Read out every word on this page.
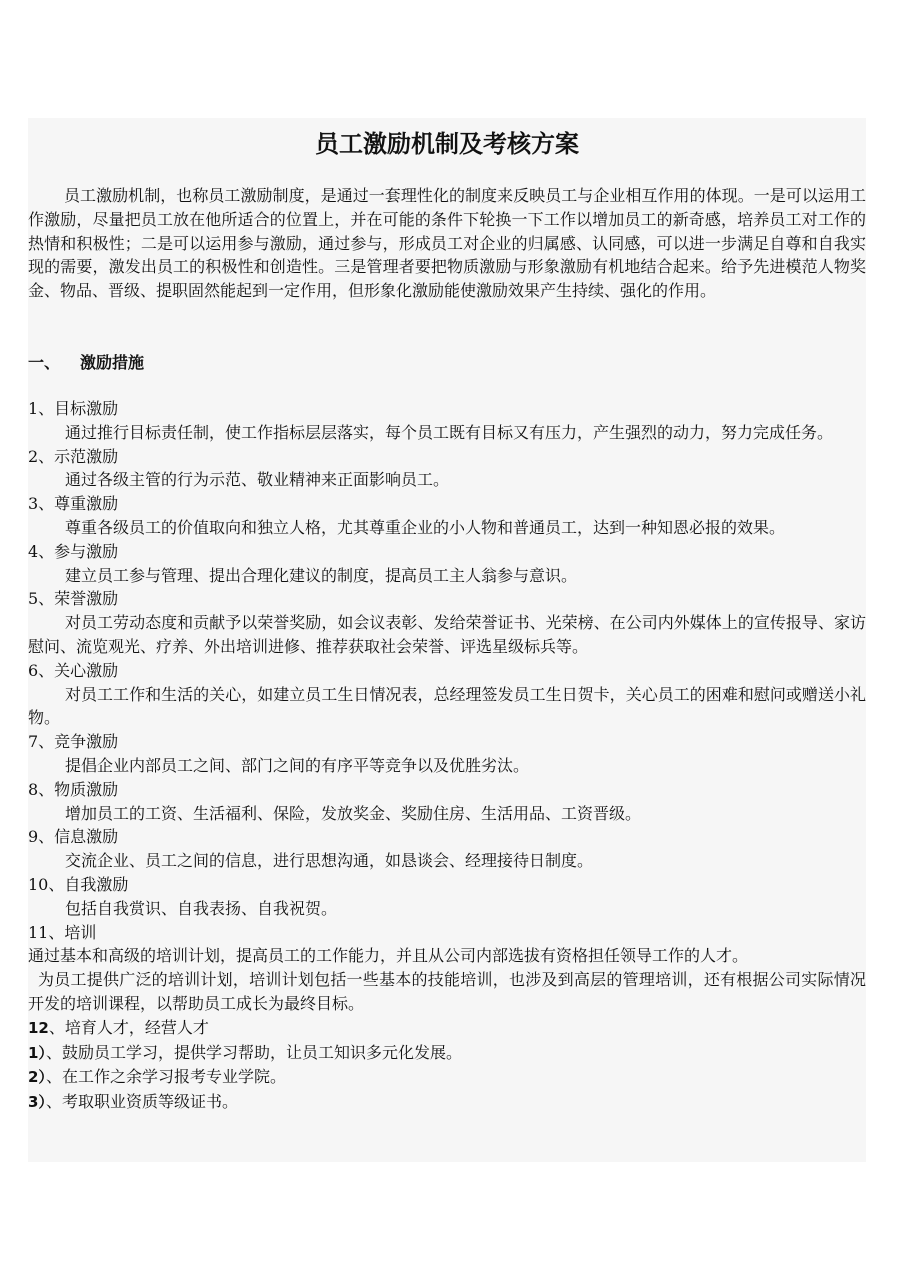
员工激励机制及考核方案

员工激励机制，也称员工激励制度，是通过一套理性化的制度来反映员工与企业相互作用的体现。一是可以运用工作激励，尽量把员工放在他所适合的位置上，并在可能的条件下轮换一下工作以增加员工的新奇感，培养员工对工作的热情和积极性；二是可以运用参与激励，通过参与，形成员工对企业的归属感、认同感，可以进一步满足自尊和自我实现的需要，激发出员工的积极性和创造性。三是管理者要把物质激励与形象激励有机地结合起来。给予先进模范人物奖金、物品、晋级、提职固然能起到一定作用，但形象化激励能使激励效果产生持续、强化的作用。

一、 激励措施

1、目标激励

通过推行目标责任制，使工作指标层层落实，每个员工既有目标又有压力，产生强烈的动力，努力完成任务。

2、示范激励

通过各级主管的行为示范、敬业精神来正面影响员工。

3、尊重激励

尊重各级员工的价值取向和独立人格，尤其尊重企业的小人物和普通员工，达到一种知恩必报的效果。

4、参与激励

建立员工参与管理、提出合理化建议的制度，提高员工主人翁参与意识。

5、荣誉激励

对员工劳动态度和贡献予以荣誉奖励，如会议表彰、发给荣誉证书、光荣榜、在公司内外媒体上的宣传报导、家访慰问、流览观光、疗养、外出培训进修、推荐获取社会荣誉、评选星级标兵等。

6、关心激励

对员工工作和生活的关心，如建立员工生日情况表，总经理签发员工生日贺卡，关心员工的困难和慰问或赠送小礼物。

7、竞争激励

提倡企业内部员工之间、部门之间的有序平等竞争以及优胜劣汰。

8、物质激励

增加员工的工资、生活福利、保险，发放奖金、奖励住房、生活用品、工资晋级。

9、信息激励

交流企业、员工之间的信息，进行思想沟通，如恳谈会、经理接待日制度。

10、自我激励

包括自我赏识、自我表扬、自我祝贺。

11、培训

通过基本和高级的培训计划，提高员工的工作能力，并且从公司内部选拔有资格担任领导工作的人才。

为员工提供广泛的培训计划，培训计划包括一些基本的技能培训，也涉及到高层的管理培训，还有根据公司实际情况开发的培训课程，以帮助员工成长为最终目标。

12、培育人才，经营人才

1）、鼓励员工学习，提供学习帮助，让员工知识多元化发展。

2）、在工作之余学习报考专业学院。

3）、考取职业资质等级证书。
